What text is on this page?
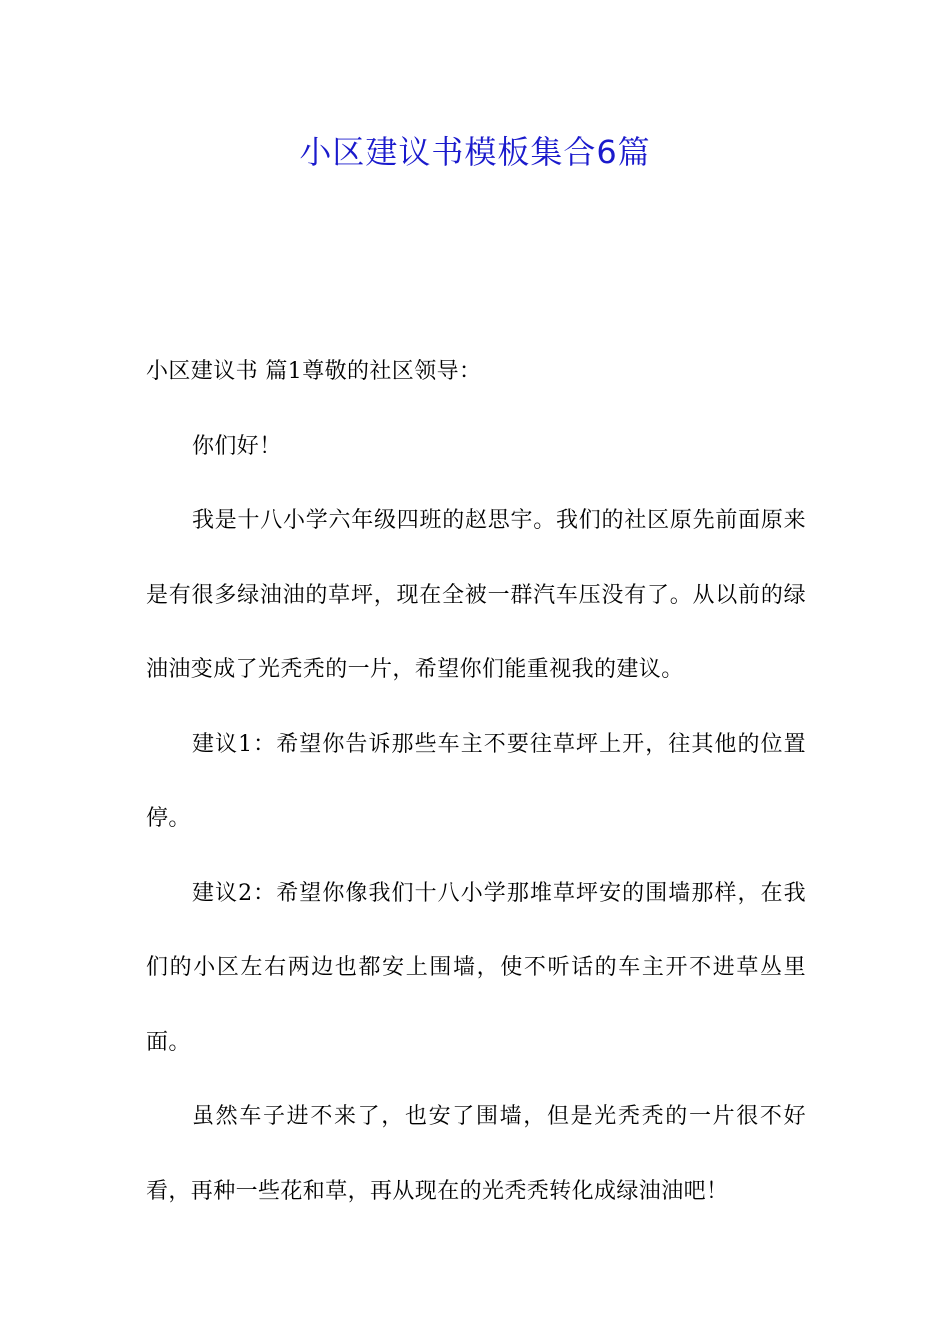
小区建议书模板集合6篇

小区建议书 篇1尊敬的社区领导：

你们好！

我是十八小学六年级四班的赵思宇。我们的社区原先前面原来是有很多绿油油的草坪，现在全被一群汽车压没有了。从以前的绿油油变成了光秃秃的一片，希望你们能重视我的建议。

建议1：希望你告诉那些车主不要往草坪上开，往其他的位置停。

建议2：希望你像我们十八小学那堆草坪安的围墙那样，在我们的小区左右两边也都安上围墙，使不听话的车主开不进草丛里面。

虽然车子进不来了，也安了围墙，但是光秃秃的一片很不好看，再种一些花和草，再从现在的光秃秃转化成绿油油吧！
